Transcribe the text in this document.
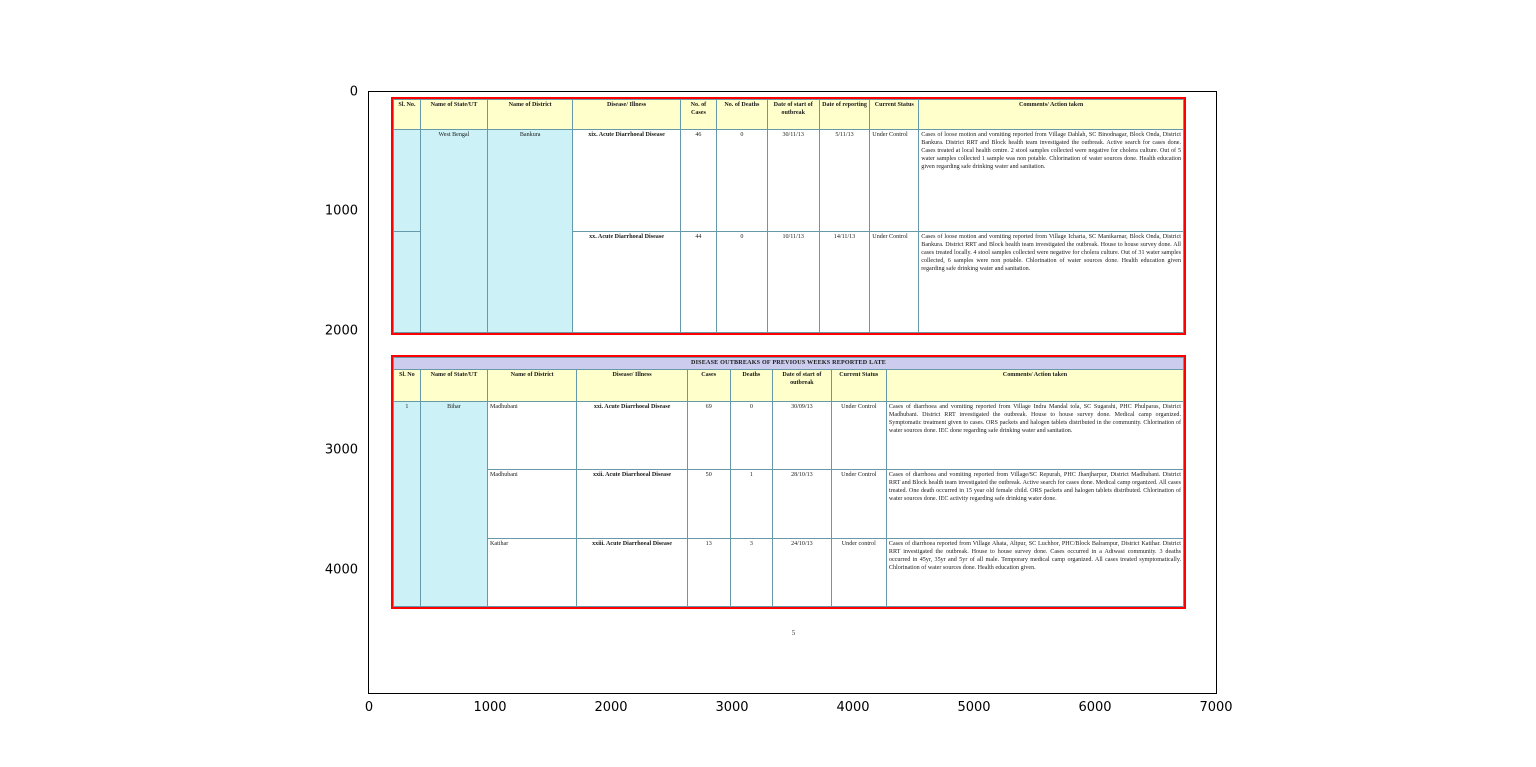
0
1000
2000
3000
4000
0	1000	2000	3000	4000	5000	6000	7000
Sl. No.	Name of State/UT	Name of District	Disease/ Illness	No. of Cases	No. of Deaths	Date of start of outbreak	Date of reporting	Current Status	Comments/ Action taken
	West Bengal	Bankura	xix. Acute Diarrhoeal Disease	46	0	30/11/13	5/11/13	Under Control	Cases of loose motion and vomiting reported from Village Dahlah, SC Binodnagar, Block Onda, District Bankura. District RRT and Block health team investigated the outbreak. Active search for cases done. Cases treated at local health centre. 2 stool samples collected were negative for cholera culture. Out of 5 water samples collected 1 sample was non potable. Chlorination of water sources done. Health education given regarding safe drinking water and sanitation.
			xx. Acute Diarrhoeal Disease	44	0	10/11/13	14/11/13	Under Control	Cases of loose motion and vomiting reported from Village Icharia, SC Manikarnar, Block Onda, District Bankura. District RRT and Block health team investigated the outbreak. House to house survey done. All cases treated locally. 4 stool samples collected were negative for cholera culture. Out of 31 water samples collected, 6 samples were non potable. Chlorination of water sources done. Health education given regarding safe drinking water and sanitation.
DISEASE OUTBREAKS OF PREVIOUS WEEKS REPORTED LATE								
Sl. No	Name of State/UT	Name of District	Disease/ Illness	Cases	Deaths	Date of start of outbreak	Current Status	Comments/ Action taken
1	Bihar	Madhubani	xxi. Acute Diarrhoeal Disease	69	0	30/09/13	Under Control	Cases of diarrhoea and vomiting reported from Village Indra Mandal tola, SC Sugarahi, PHC Phulparas, District Madhubani. District RRT investigated the outbreak. House to house survey done. Medical camp organized. Symptomatic treatment given to cases. ORS packets and halogen tablets distributed in the community. Chlorination of water sources done. IEC done regarding safe drinking water and sanitation.
		Madhubani	xxii. Acute Diarrhoeal Disease	50	1	28/10/13	Under Control	Cases of diarrhoea and vomiting reported from Village/SC Repurah, PHC Jhanjharpur, District Madhubani. District RRT and Block health team investigated the outbreak. Active search for cases done. Medical camp organized. All cases treated. One death occurred in 15 year old female child. ORS packets and halogen tablets distributed. Chlorination of water sources done. IEC activity regarding safe drinking water done.
		Katihar	xxiii. Acute Diarrhoeal Disease	13	3	24/10/13	Under control	Cases of diarrhoea reported from Village Ahata, Alipur, SC Luchhor, PHC/Block Balrampur, District Katihar. District RRT investigated the outbreak. House to house survey done. Cases occurred in a Adiwasi community. 3 deaths occurred in 45yr, 35yr and 5yr of all male. Temporary medical camp organized. All cases treated symptomatically. Chlorination of water sources done. Health education given.
5
